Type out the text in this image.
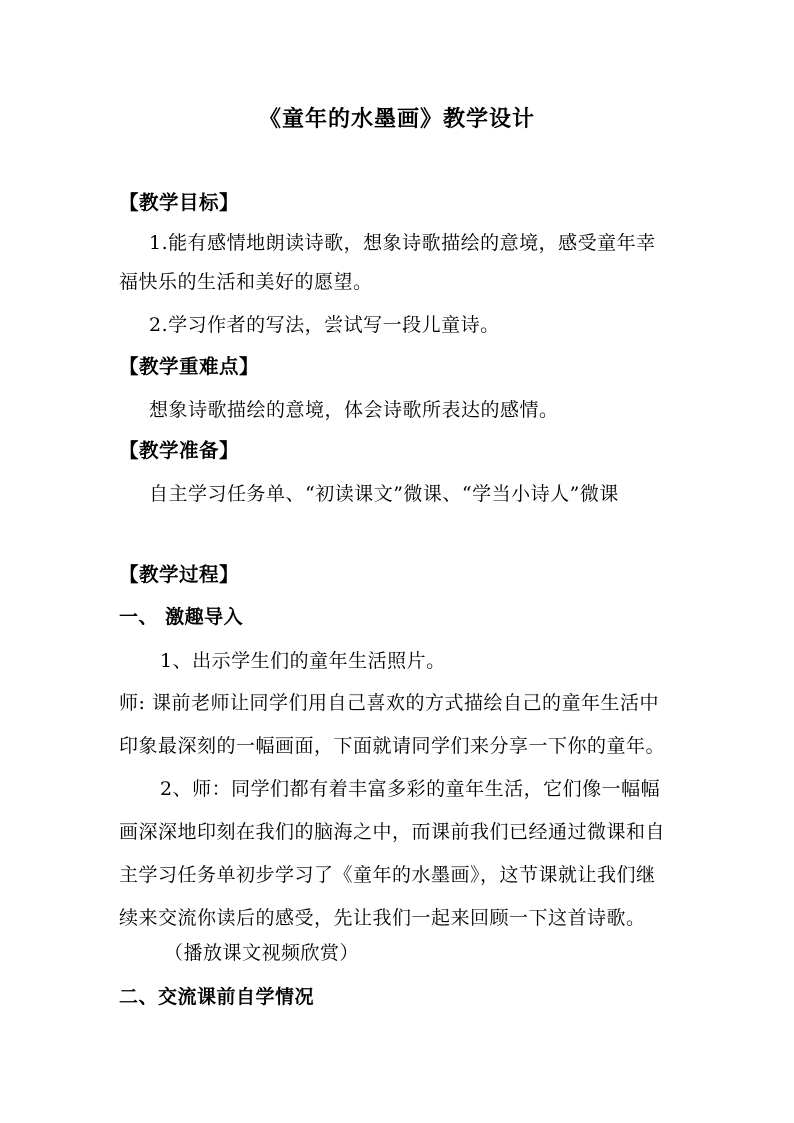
《童年的水墨画》教学设计
【教学目标】
1.能有感情地朗读诗歌，想象诗歌描绘的意境，感受童年幸
福快乐的生活和美好的愿望。
2.学习作者的写法，尝试写一段儿童诗。
【教学重难点】
想象诗歌描绘的意境，体会诗歌所表达的感情。
【教学准备】
自主学习任务单、“初读课文”微课、“学当小诗人”微课
【教学过程】
一、 激趣导入
1、出示学生们的童年生活照片。
师: 课前老师让同学们用自己喜欢的方式描绘自己的童年生活中
印象最深刻的一幅画面，下面就请同学们来分享一下你的童年。
2、师：同学们都有着丰富多彩的童年生活，它们像一幅幅
画深深地印刻在我们的脑海之中，而课前我们已经通过微课和自
主学习任务单初步学习了《童年的水墨画》，这节课就让我们继
续来交流你读后的感受，先让我们一起来回顾一下这首诗歌。
（播放课文视频欣赏）
二、交流课前自学情况
